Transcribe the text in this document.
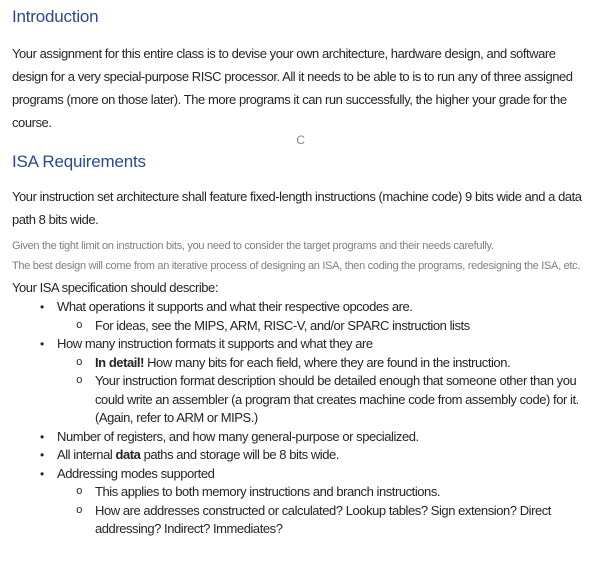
Introduction
Your assignment for this entire class is to devise your own architecture, hardware design, and software design for a very special-purpose RISC processor. All it needs to be able to is to run any of three assigned programs (more on those later). The more programs it can run successfully, the higher your grade for the course.
C
ISA Requirements
Your instruction set architecture shall feature fixed-length instructions (machine code) 9 bits wide and a data path 8 bits wide.
Given the tight limit on instruction bits, you need to consider the target programs and their needs carefully.
The best design will come from an iterative process of designing an ISA, then coding the programs, redesigning the ISA, etc.
Your ISA specification should describe:
•	What operations it supports and what their respective opcodes are.
o For ideas, see the MIPS, ARM, RISC-V, and/or SPARC instruction lists
•	How many instruction formats it supports and what they are
o In detail! How many bits for each field, where they are found in the instruction.
o Your instruction format description should be detailed enough that someone other than you could write an assembler (a program that creates machine code from assembly code) for it. (Again, refer to ARM or MIPS.)
•	Number of registers, and how many general-purpose or specialized.
•	All internal data paths and storage will be 8 bits wide.
•	Addressing modes supported
o This applies to both memory instructions and branch instructions.
o How are addresses constructed or calculated? Lookup tables? Sign extension? Direct addressing? Indirect? Immediates?
